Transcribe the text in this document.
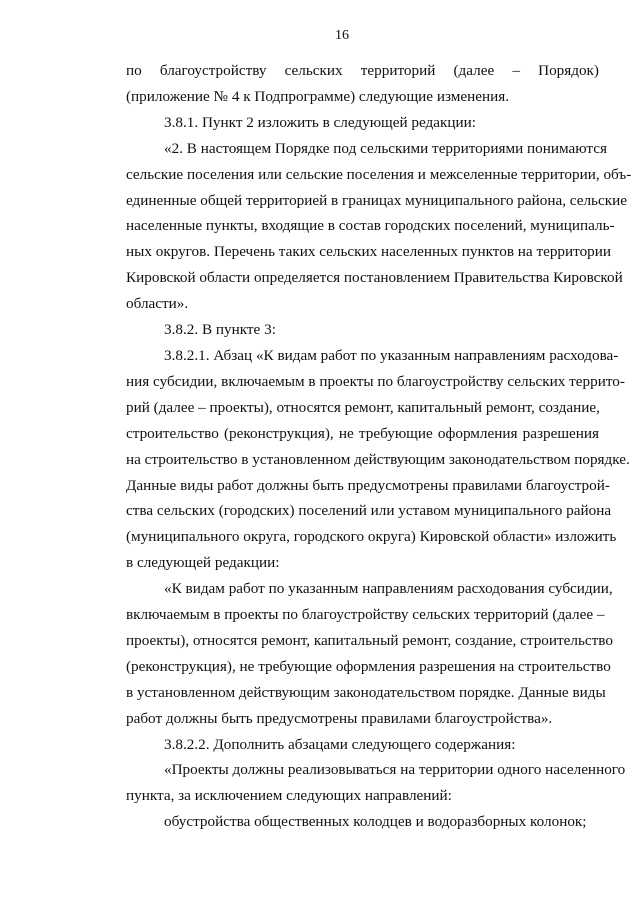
16
по благоустройству сельских территорий (далее – Порядок)
(приложение № 4 к Подпрограмме) следующие изменения.
3.8.1. Пункт 2 изложить в следующей редакции:
«2. В настоящем Порядке под сельскими территориями понимаются
сельские поселения или сельские поселения и межселенные территории, объ-
единенные общей территорией в границах муниципального района, сельские
населенные пункты, входящие в состав городских поселений, муниципаль-
ных округов. Перечень таких сельских населенных пунктов на территории
Кировской области определяется постановлением Правительства Кировской
области».
3.8.2. В пункте 3:
3.8.2.1. Абзац «К видам работ по указанным направлениям расходова-
ния субсидии, включаемым в проекты по благоустройству сельских террито-
рий (далее – проекты), относятся ремонт, капитальный ремонт, создание,
строительство (реконструкция), не требующие оформления разрешения
на строительство в установленном действующим законодательством порядке.
Данные виды работ должны быть предусмотрены правилами благоустрой-
ства сельских (городских) поселений или уставом муниципального района
(муниципального округа, городского округа) Кировской области» изложить
в следующей редакции:
«К видам работ по указанным направлениям расходования субсидии,
включаемым в проекты по благоустройству сельских территорий (далее –
проекты), относятся ремонт, капитальный ремонт, создание, строительство
(реконструкция), не требующие оформления разрешения на строительство
в установленном действующим законодательством порядке. Данные виды
работ должны быть предусмотрены правилами благоустройства».
3.8.2.2. Дополнить абзацами следующего содержания:
«Проекты должны реализовываться на территории одного населенного
пункта, за исключением следующих направлений:
обустройства общественных колодцев и водоразборных колонок;
